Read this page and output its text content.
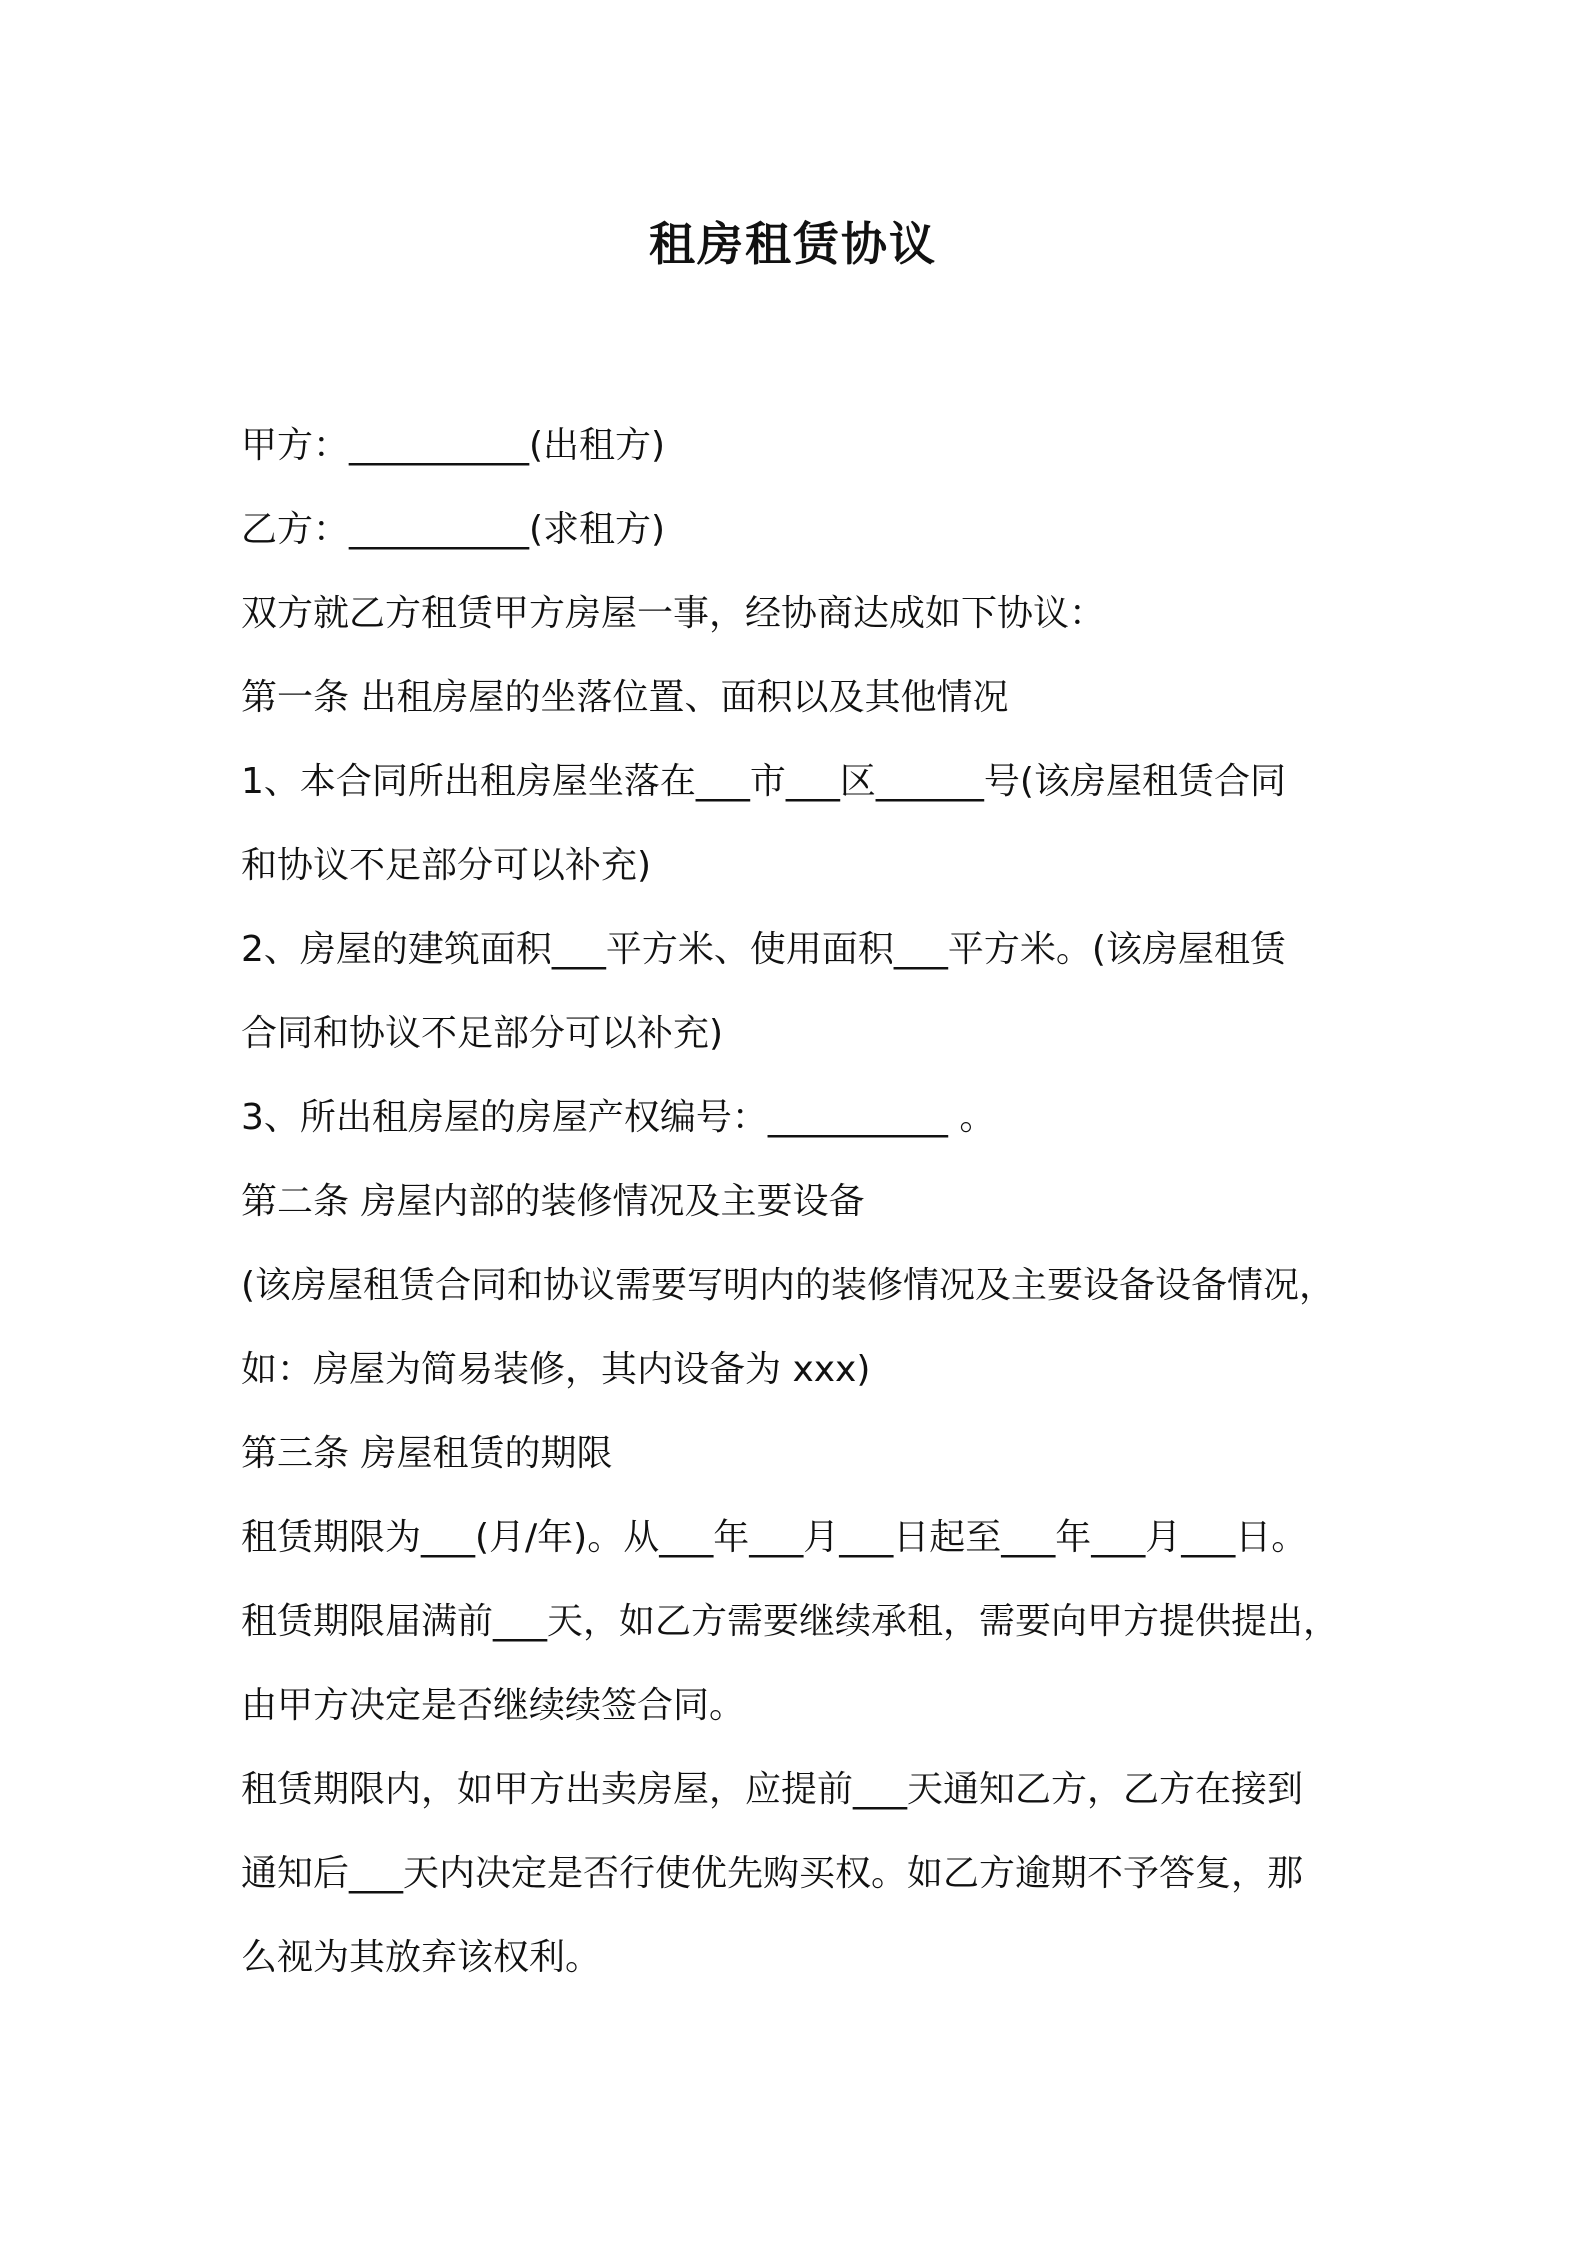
租房租赁协议

甲方：__________(出租方)

乙方：__________(求租方)

双方就乙方租赁甲方房屋一事，经协商达成如下协议：

第一条 出租房屋的坐落位置、面积以及其他情况

1、本合同所出租房屋坐落在___市___区______号(该房屋租赁合同

和协议不足部分可以补充)

2、房屋的建筑面积___平方米、使用面积___平方米。(该房屋租赁

合同和协议不足部分可以补充)

3、所出租房屋的房屋产权编号：__________ 。

第二条 房屋内部的装修情况及主要设备

(该房屋租赁合同和协议需要写明内的装修情况及主要设备设备情况，

如：房屋为简易装修，其内设备为 xxx)

第三条 房屋租赁的期限

租赁期限为___(月/年)。从___年___月___日起至___年___月___日。

租赁期限届满前___天，如乙方需要继续承租，需要向甲方提供提出，

由甲方决定是否继续续签合同。

租赁期限内，如甲方出卖房屋，应提前___天通知乙方，乙方在接到

通知后___天内决定是否行使优先购买权。如乙方逾期不予答复，那

么视为其放弃该权利。
